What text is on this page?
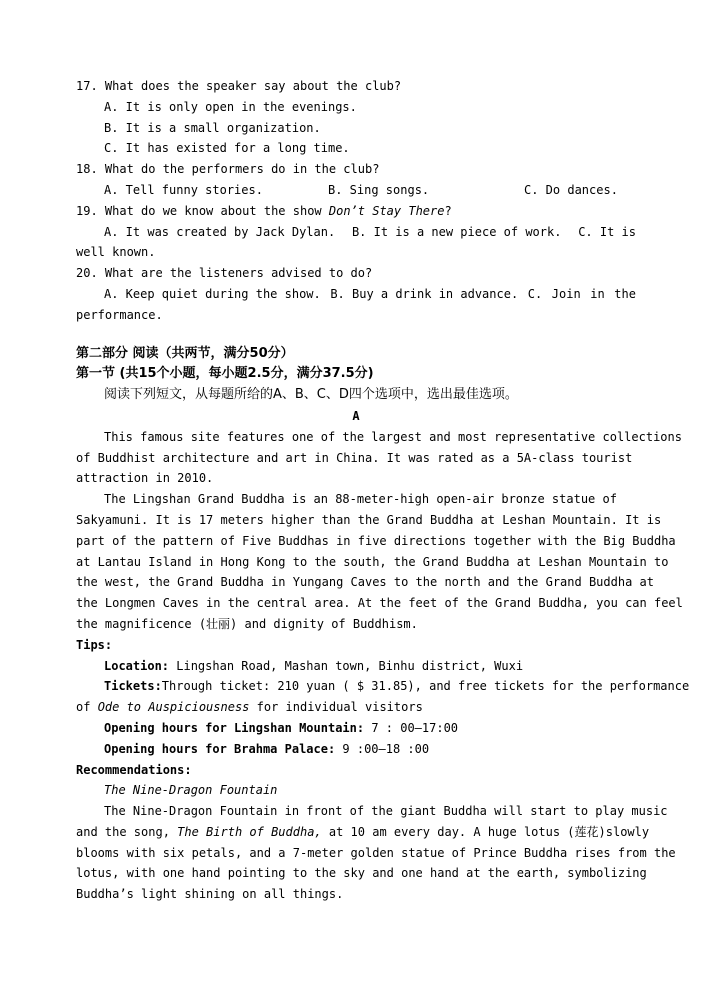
17. What does the speaker say about the club?
A. It is only open in the evenings.
B. It is a small organization.
C. It has existed for a long time.
18. What do the performers do in the club?
A. Tell funny stories.	B. Sing songs.	C. Do dances.
19. What do we know about the show Don’t Stay There?
A. It was created by Jack Dylan. B. It is a new piece of work. C. It is
well known.
20. What are the listeners advised to do?
A. Keep quiet during the show. B. Buy a drink in advance. C. Join in the
performance.
第二部分 阅读（共两节，满分50分）
第一节 (共15个小题，每小题2.5分，满分37.5分)
阅读下列短文，从每题所给的A、B、C、D四个选项中，选出最佳选项。
A
This famous site features one of the largest and most representative collections
of Buddhist architecture and art in China. It was rated as a 5A-class tourist
attraction in 2010.
The Lingshan Grand Buddha is an 88-meter-high open-air bronze statue of
Sakyamuni. It is 17 meters higher than the Grand Buddha at Leshan Mountain. It is
part of the pattern of Five Buddhas in five directions together with the Big Buddha
at Lantau Island in Hong Kong to the south, the Grand Buddha at Leshan Mountain to
the west, the Grand Buddha in Yungang Caves to the north and the Grand Buddha at
the Longmen Caves in the central area. At the feet of the Grand Buddha, you can feel
the magnificence (壮丽) and dignity of Buddhism.
Tips:
Location: Lingshan Road, Mashan town, Binhu district, Wuxi
Tickets:Through ticket: 210 yuan ( $ 31.85), and free tickets for the performance
of Ode to Auspiciousness for individual visitors
Opening hours for Lingshan Mountain: 7 : 00—17:00
Opening hours for Brahma Palace: 9 :00—18 :00
Recommendations:
The Nine-Dragon Fountain
The Nine-Dragon Fountain in front of the giant Buddha will start to play music
and the song, The Birth of Buddha, at 10 am every day. A huge lotus (莲花)slowly
blooms with six petals, and a 7-meter golden statue of Prince Buddha rises from the
lotus, with one hand pointing to the sky and one hand at the earth, symbolizing
Buddha’s light shining on all things.
